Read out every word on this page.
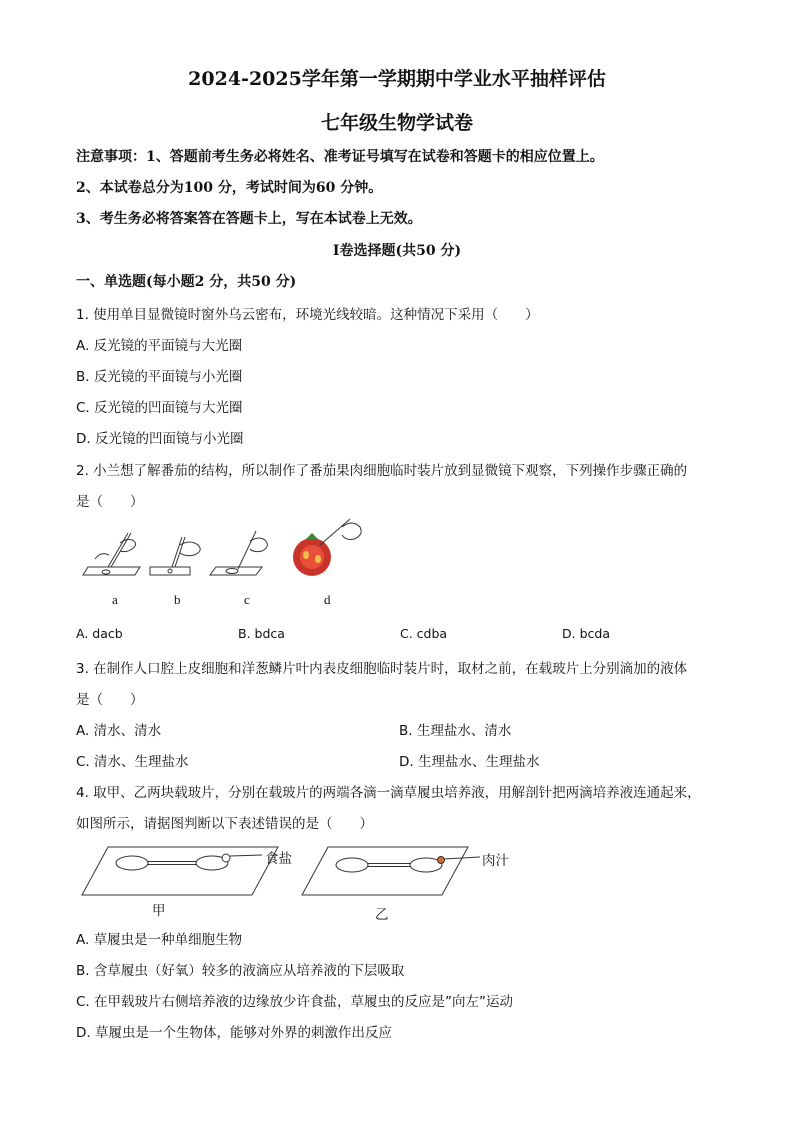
2024-2025学年第一学期期中学业水平抽样评估
七年级生物学试卷
注意事项：1、答题前考生务必将姓名、准考证号填写在试卷和答题卡的相应位置上。
2、本试卷总分为100 分，考试时间为60 分钟。
3、考生务必将答案答在答题卡上，写在本试卷上无效。
Ⅰ卷选择题(共50 分)
一、单选题(每小题2 分，共50 分)
1. 使用单目显微镜时窗外乌云密布，环境光线较暗。这种情况下采用（　　）
A. 反光镜的平面镜与大光圈
B. 反光镜的平面镜与小光圈
C. 反光镜的凹面镜与大光圈
D. 反光镜的凹面镜与小光圈
2. 小兰想了解番茄的结构，所以制作了番茄果肉细胞临时装片放到显微镜下观察，下列操作步骤正确的
是（　　）
a	b	c	d
A. dacb	B. bdca	C. cdba	D. bcda
3. 在制作人口腔上皮细胞和洋葱鳞片叶内表皮细胞临时装片时，取材之前，在载玻片上分别滴加的液体
是（　　）
A. 清水、清水	B. 生理盐水、清水
C. 清水、生理盐水	D. 生理盐水、生理盐水
4. 取甲、乙两块载玻片，分别在载玻片的两端各滴一滴草履虫培养液，用解剖针把两滴培养液连通起来，
如图所示，请据图判断以下表述错误的是（　　）
食盐	肉汁
甲	乙
A. 草履虫是一种单细胞生物
B. 含草履虫（好氧）较多的液滴应从培养液的下层吸取
C. 在甲载玻片右侧培养液的边缘放少许食盐，草履虫的反应是”向左”运动
D. 草履虫是一个生物体，能够对外界的刺激作出反应
